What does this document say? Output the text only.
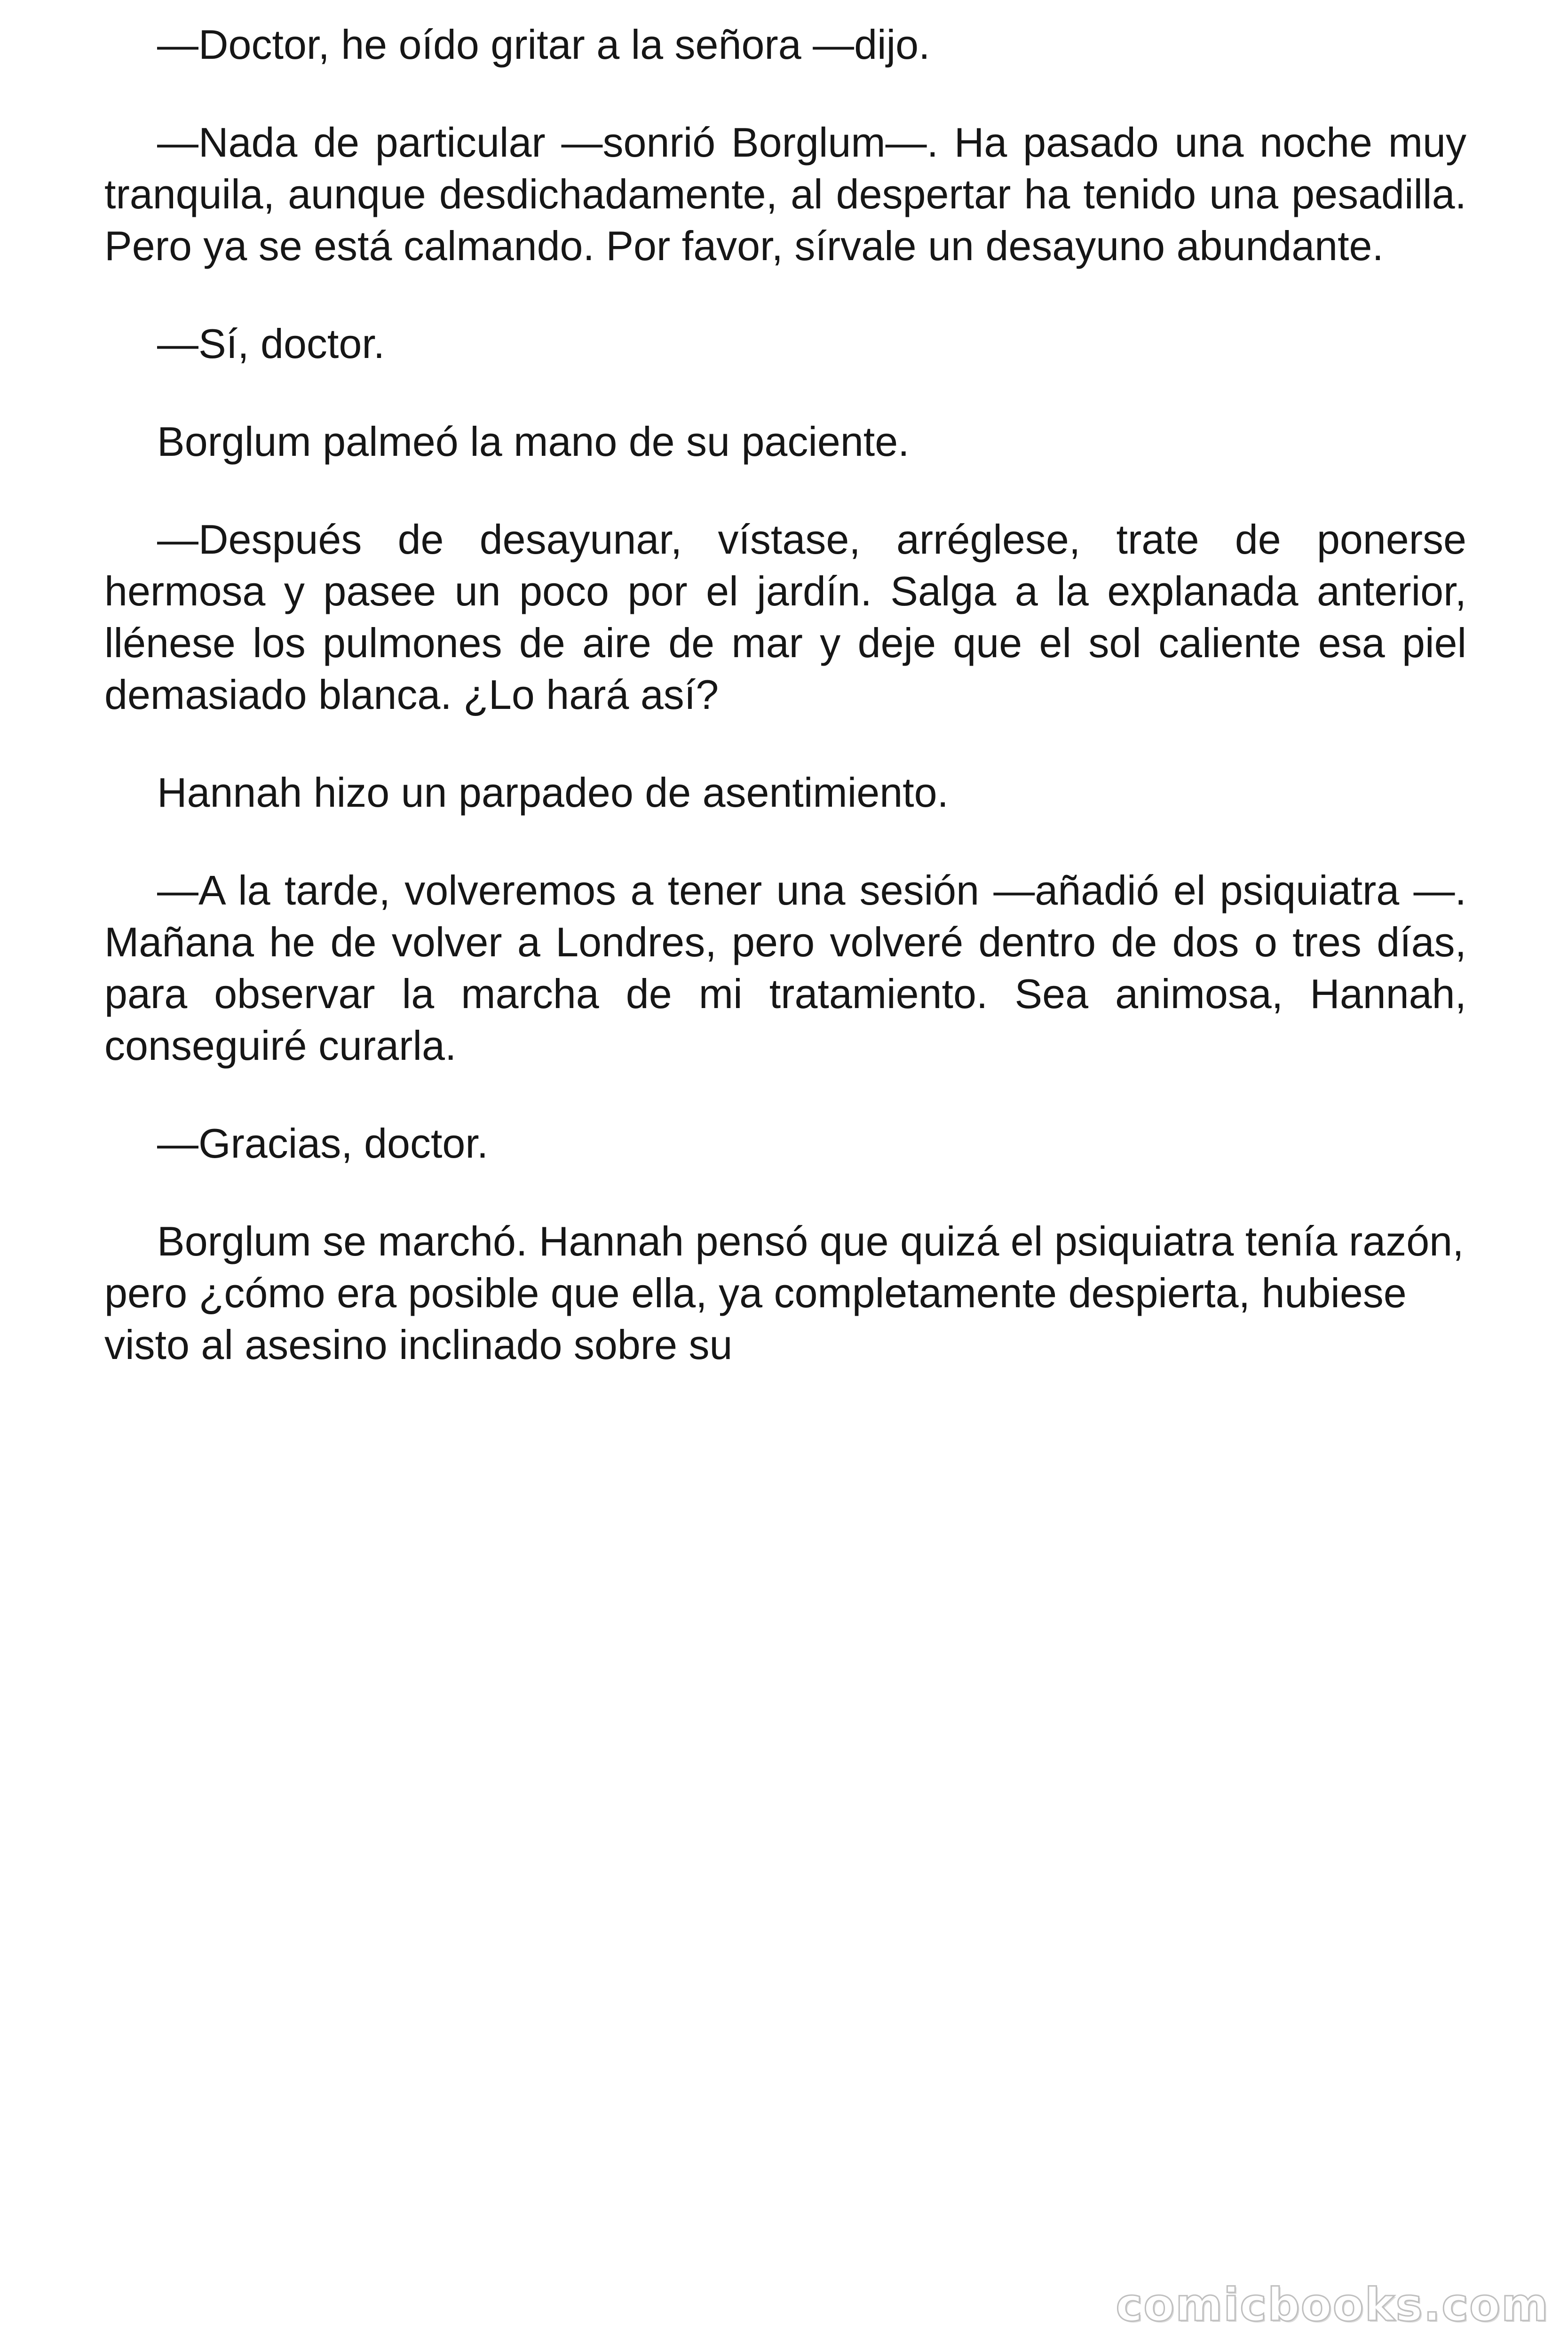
—Doctor, he oído gritar a la señora —dijo.

—Nada de particular —sonrió Borglum—. Ha pasado una noche muy tranquila, aunque desdichadamente, al despertar ha tenido una pesadilla. Pero ya se está calmando. Por favor, sírvale un desayuno abundante.

—Sí, doctor.

Borglum palmeó la mano de su paciente.

—Después de desayunar, vístase, arréglese, trate de ponerse hermosa y pasee un poco por el jardín. Salga a la explanada anterior, llénese los pulmones de aire de mar y deje que el sol caliente esa piel demasiado blanca. ¿Lo hará así?

Hannah hizo un parpadeo de asentimiento.

—A la tarde, volveremos a tener una sesión —añadió el psiquiatra —. Mañana he de volver a Londres, pero volveré dentro de dos o tres días, para observar la marcha de mi tratamiento. Sea animosa, Hannah, conseguiré curarla.

—Gracias, doctor.

Borglum se marchó. Hannah pensó que quizá el psiquiatra tenía razón, pero ¿cómo era posible que ella, ya completamente despierta, hubiese visto al asesino inclinado sobre su

comicbooks.com
